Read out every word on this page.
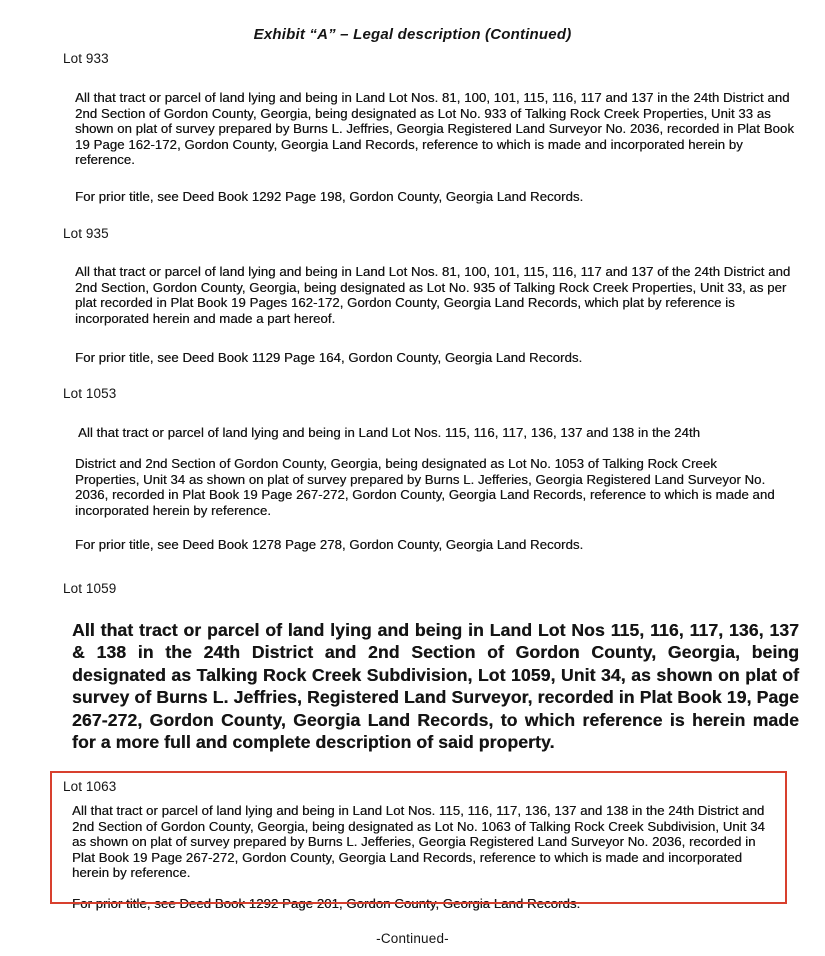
Exhibit “A” – Legal description (Continued)
Lot 933
All that tract or parcel of land lying and being in Land Lot Nos. 81, 100, 101, 115, 116, 117 and 137 in the 24th District and 2nd Section of Gordon County, Georgia, being designated as Lot No. 933 of Talking Rock Creek Properties, Unit 33 as shown on plat of survey prepared by Burns L. Jeffries, Georgia Registered Land Surveyor No. 2036, recorded in Plat Book 19 Page 162-172, Gordon County, Georgia Land Records, reference to which is made and incorporated herein by reference.
For prior title, see Deed Book 1292 Page 198, Gordon County, Georgia Land Records.
Lot 935
All that tract or parcel of land lying and being in Land Lot Nos. 81, 100, 101, 115, 116, 117 and 137 of the 24th District and 2nd Section, Gordon County, Georgia, being designated as Lot No. 935 of Talking Rock Creek Properties, Unit 33, as per plat recorded in Plat Book 19 Pages 162-172, Gordon County, Georgia Land Records, which plat by reference is incorporated herein and made a part hereof.
For prior title, see Deed Book 1129 Page 164, Gordon County, Georgia Land Records.
Lot 1053
All that tract or parcel of land lying and being in Land Lot Nos. 115, 116, 117, 136, 137 and 138 in the 24th
District and 2nd Section of Gordon County, Georgia, being designated as Lot No. 1053 of Talking Rock Creek Properties, Unit 34 as shown on plat of survey prepared by Burns L. Jefferies, Georgia Registered Land Surveyor No. 2036, recorded in Plat Book 19 Page 267-272, Gordon County, Georgia Land Records, reference to which is made and incorporated herein by reference.
For prior title, see Deed Book 1278 Page 278, Gordon County, Georgia Land Records.
Lot 1059
All that tract or parcel of land lying and being in Land Lot Nos 115, 116, 117, 136, 137 & 138 in the 24th District and 2nd Section of Gordon County, Georgia, being designated as Talking Rock Creek Subdivision, Lot 1059, Unit 34, as shown on plat of survey of Burns L. Jeffries, Registered Land Surveyor, recorded in Plat Book 19, Page 267-272, Gordon County, Georgia Land Records, to which reference is herein made for a more full and complete description of said property.
Lot 1063
All that tract or parcel of land lying and being in Land Lot Nos. 115, 116, 117, 136, 137 and 138 in the 24th District and 2nd Section of Gordon County, Georgia, being designated as Lot No. 1063 of Talking Rock Creek Subdivision, Unit 34 as shown on plat of survey prepared by Burns L. Jefferies, Georgia Registered Land Surveyor No. 2036, recorded in Plat Book 19 Page 267-272, Gordon County, Georgia Land Records, reference to which is made and incorporated herein by reference.
For prior title, see Deed Book 1292 Page 201, Gordon County, Georgia Land Records.
-Continued-
